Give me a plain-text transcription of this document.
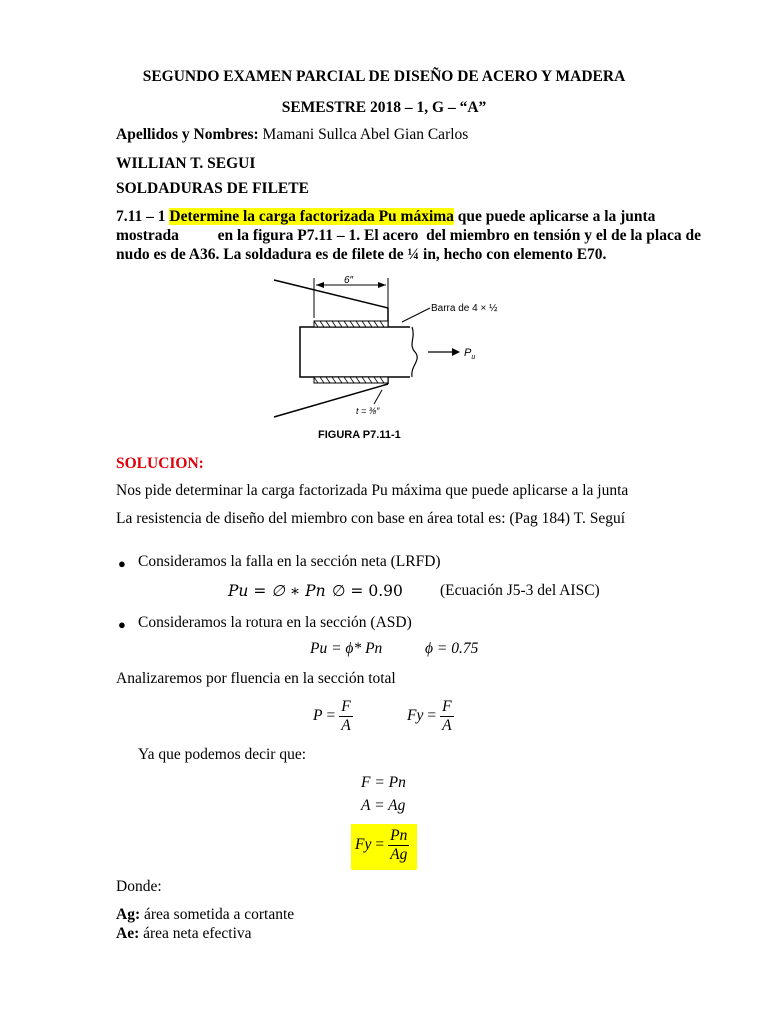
SEGUNDO EXAMEN PARCIAL DE DISEÑO DE ACERO Y MADERA
SEMESTRE 2018 – 1, G – “A”
Apellidos y Nombres: Mamani Sullca Abel Gian Carlos
WILLIAN T. SEGUI
SOLDADURAS DE FILETE
7.11 – 1 Determine la carga factorizada Pu máxima que puede aplicarse a la junta
mostrada          en la figura P7.11 – 1. El acero  del miembro en tensión y el de la placa de
nudo es de A36. La soldadura es de filete de ¼ in, hecho con elemento E70.
6″
$P_u$
Barra de 4 × ½
t = ⅜″
FIGURA P7.11-1
SOLUCION:
Nos pide determinar la carga factorizada Pu máxima que puede aplicarse a la junta
La resistencia de diseño del miembro con base en área total es: (Pag 184) T. Seguí
● Consideramos la falla en la sección neta (LRFD)
Pu = ∅ ∗ Pn ∅ = 0.90 (Ecuación J5-3 del AISC)
● Consideramos la rotura en la sección (ASD)
Pu = ϕ* Pn	ϕ = 0.75
Analizaremos por fluencia en la sección total
$P = \frac{F}{A}$	$Fy = \frac{F}{A}$
Ya que podemos decir que:
F = Pn
A = Ag
$Fy = \frac{Pn}{Ag}$
Donde:
Ag: área sometida a cortante
Ae: área neta efectiva
